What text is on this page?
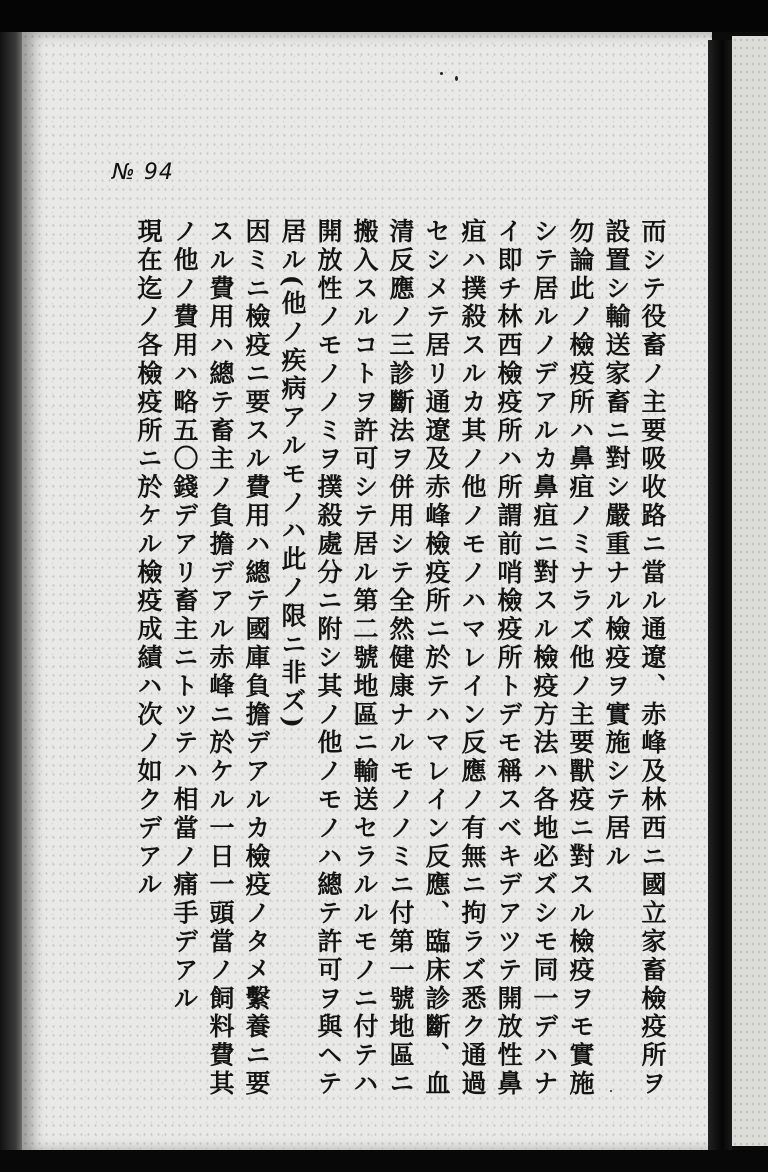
№ 94
而シテ役畜ノ主要吸收路ニ當ル通遼、赤峰及林西ニ國立家畜檢疫所ヲ
設置シ輸送家畜ニ對シ嚴重ナル檢疫ヲ實施シテ居ル
勿論此ノ檢疫所ハ鼻疽ノミナラズ他ノ主要獸疫ニ對スル檢疫ヲモ實施
シテ居ルノデアルカ鼻疽ニ對スル檢疫方法ハ各地必ズシモ同一デハナ
イ即チ林西檢疫所ハ所謂前哨檢疫所トデモ稱スベキデアツテ開放性鼻
疽ハ撲殺スルカ其ノ他ノモノハマレイン反應ノ有無ニ拘ラズ悉ク通過
セシメテ居リ通遼及赤峰檢疫所ニ於テハマレイン反應、臨床診斷、血
清反應ノ三診斷法ヲ併用シテ全然健康ナルモノノミニ付第一號地區ニ
搬入スルコトヲ許可シテ居ル第二號地區ニ輸送セラルルモノニ付テハ
開放性ノモノノミヲ撲殺處分ニ附シ其ノ他ノモノハ總テ許可ヲ與ヘテ
居ル(他ノ疾病アルモノハ此ノ限ニ非ズ)
因ミニ檢疫ニ要スル費用ハ總テ國庫負擔デアルカ檢疫ノタメ繫養ニ要
スル費用ハ總テ畜主ノ負擔デアル赤峰ニ於ケル一日一頭當ノ飼料費其
ノ他ノ費用ハ略五〇錢デアリ畜主ニトツテハ相當ノ痛手デアル
現在迄ノ各檢疫所ニ於ケル檢疫成績ハ次ノ如クデアル
